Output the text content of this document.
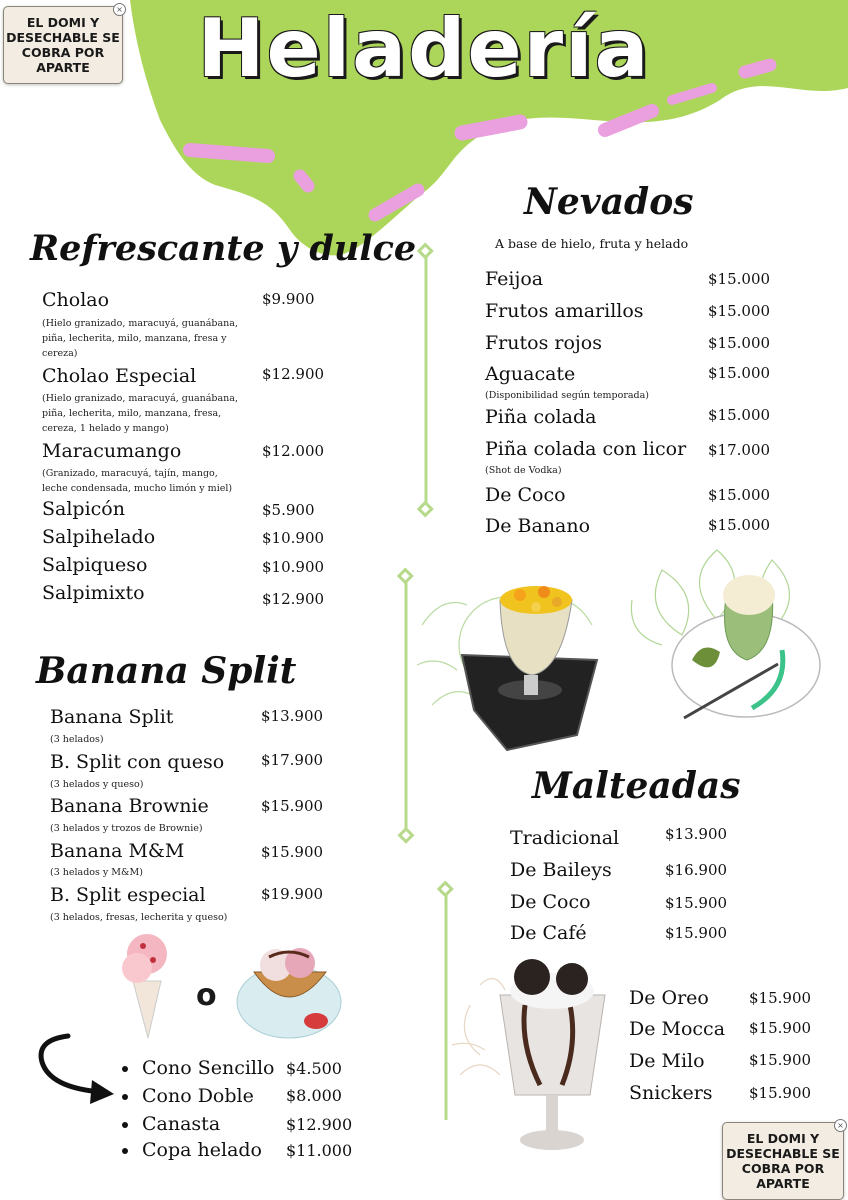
Heladería
EL DOMI Y
DESECHABLE SE
COBRA POR
APARTE
×
EL DOMI Y
DESECHABLE SE
COBRA POR
APARTE
×
Refrescante y dulce
Cholao	$9.900
(Hielo granizado, maracuyá, guanábana,
piña, lecherita, milo, manzana, fresa y
cereza)
Cholao Especial	$12.900
(Hielo granizado, maracuyá, guanábana,
piña, lecherita, milo, manzana, fresa,
cereza, 1 helado y mango)
Maracumango	$12.000
(Granizado, maracuyá, tajín, mango,
leche condensada, mucho limón y miel)
Salpicón	$5.900
Salpihelado	$10.900
Salpiqueso	$10.900
Salpimixto	$12.900
Nevados
A base de hielo, fruta y helado
Feijoa	$15.000
Frutos amarillos	$15.000
Frutos rojos	$15.000
Aguacate	$15.000
(Disponibilidad según temporada)
Piña colada	$15.000
Piña colada con licor $17.000
(Shot de Vodka)
De Coco	$15.000
De Banano	$15.000
Banana Split
Banana Split	$13.900
(3 helados)
B. Split con queso $17.900
(3 helados y queso)
Banana Brownie	$15.900
(3 helados y trozos de Brownie)
Banana M&M	$15.900
(3 helados y M&M)
B. Split especial	$19.900
(3 helados, fresas, lecherita y queso)
o
Cono Sencillo $4.500
Cono Doble $8.000
Canasta	$12.900
Copa helado $11.000
Malteadas
Tradicional	$13.900
De Baileys	$16.900
De Coco	$15.900
De Café	$15.900
De Oreo	$15.900
De Mocca $15.900
De Milo	$15.900
Snickers $15.900
